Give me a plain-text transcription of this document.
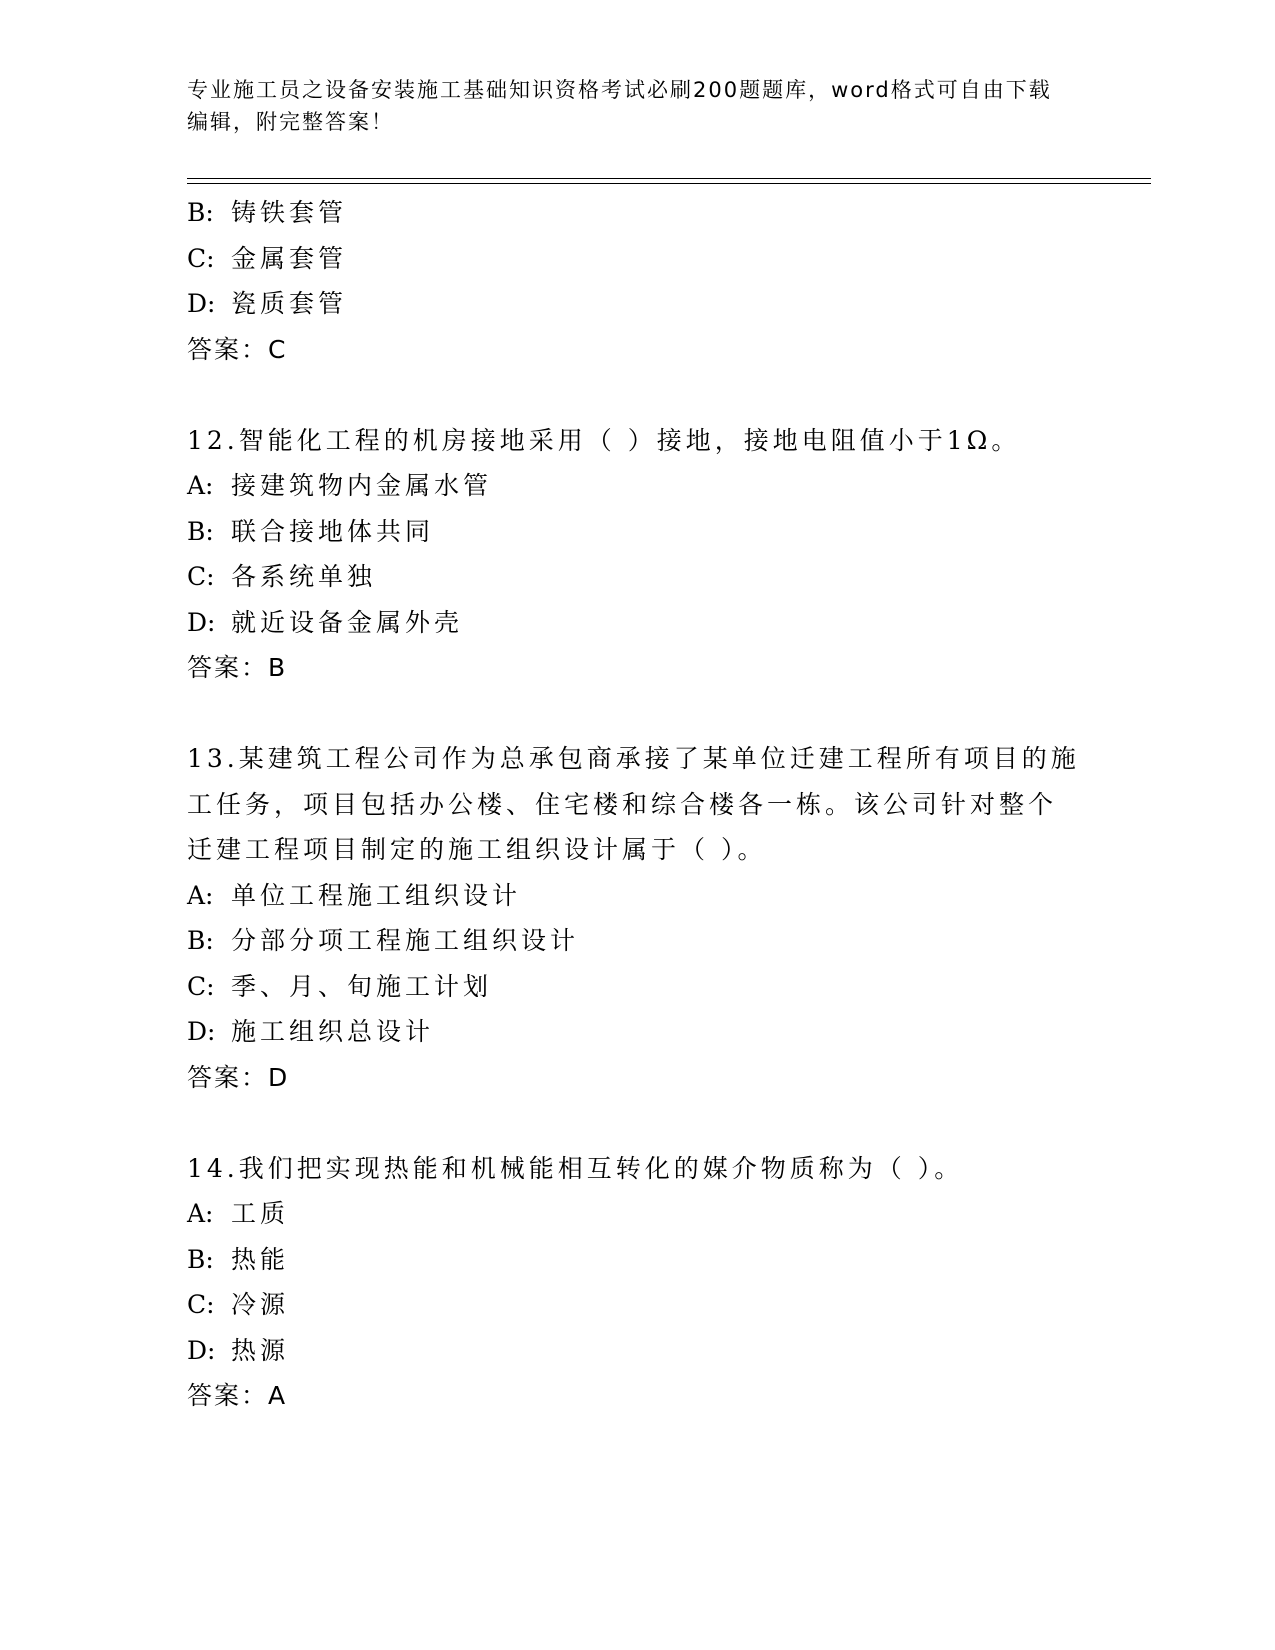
专业施工员之设备安装施工基础知识资格考试必刷200题题库，word格式可自由下载编辑，附完整答案！
B: 铸铁套管
C: 金属套管
D: 瓷质套管
答案：C
12.智能化工程的机房接地采用（ ）接地，接地电阻值小于1Ω。
A: 接建筑物内金属水管
B: 联合接地体共同
C: 各系统单独
D: 就近设备金属外壳
答案：B
13.某建筑工程公司作为总承包商承接了某单位迁建工程所有项目的施
工任务，项目包括办公楼、住宅楼和综合楼各一栋。该公司针对整个
迁建工程项目制定的施工组织设计属于（ ）。
A: 单位工程施工组织设计
B: 分部分项工程施工组织设计
C: 季、月、旬施工计划
D: 施工组织总设计
答案：D
14.我们把实现热能和机械能相互转化的媒介物质称为（ ）。
A: 工质
B: 热能
C: 冷源
D: 热源
答案：A
